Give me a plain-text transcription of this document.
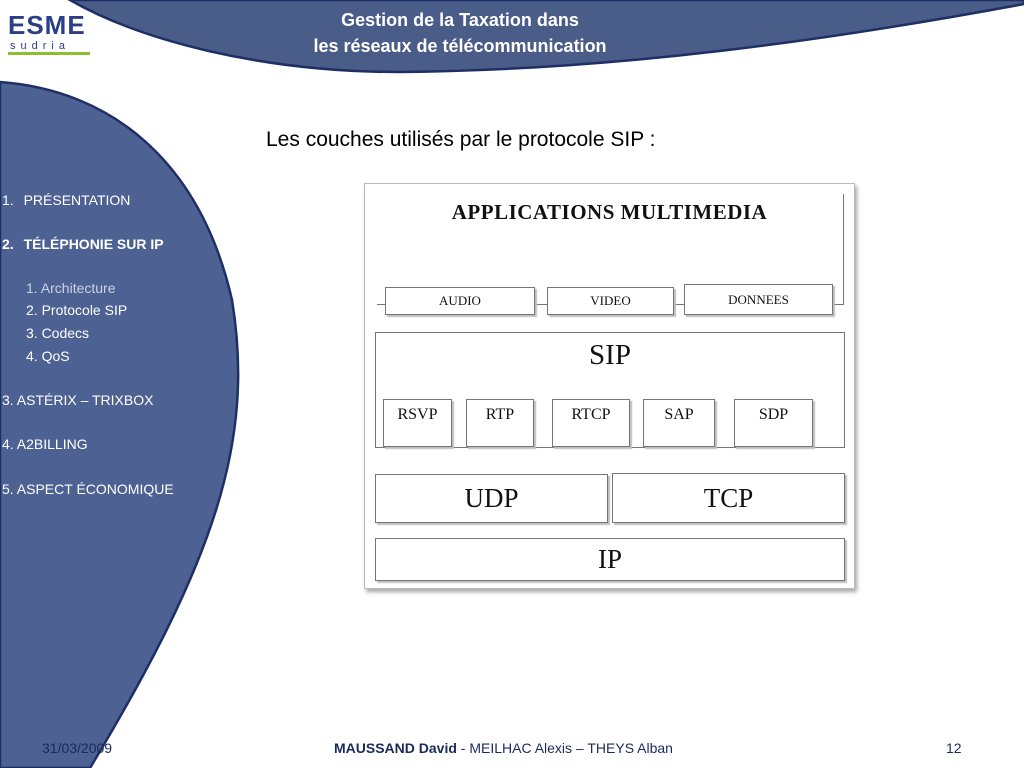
ESME
sudria
Gestion de la Taxation dans
les réseaux de télécommunication
1. PRÉSENTATION
2. TÉLÉPHONIE SUR IP
1. Architecture
2. Protocole SIP
3. Codecs
4. QoS
3. ASTÉRIX – TRIXBOX
4. A2BILLING
5. ASPECT ÉCONOMIQUE
Les couches utilisés par le protocole SIP :
APPLICATIONS MULTIMEDIA
AUDIO	VIDEO	DONNEES
SIP
RSVP	RTP	RTCP	SAP	SDP
UDP	TCP
IP
31/03/2009	MAUSSAND David - MEILHAC Alexis – THEYS Alban	12
